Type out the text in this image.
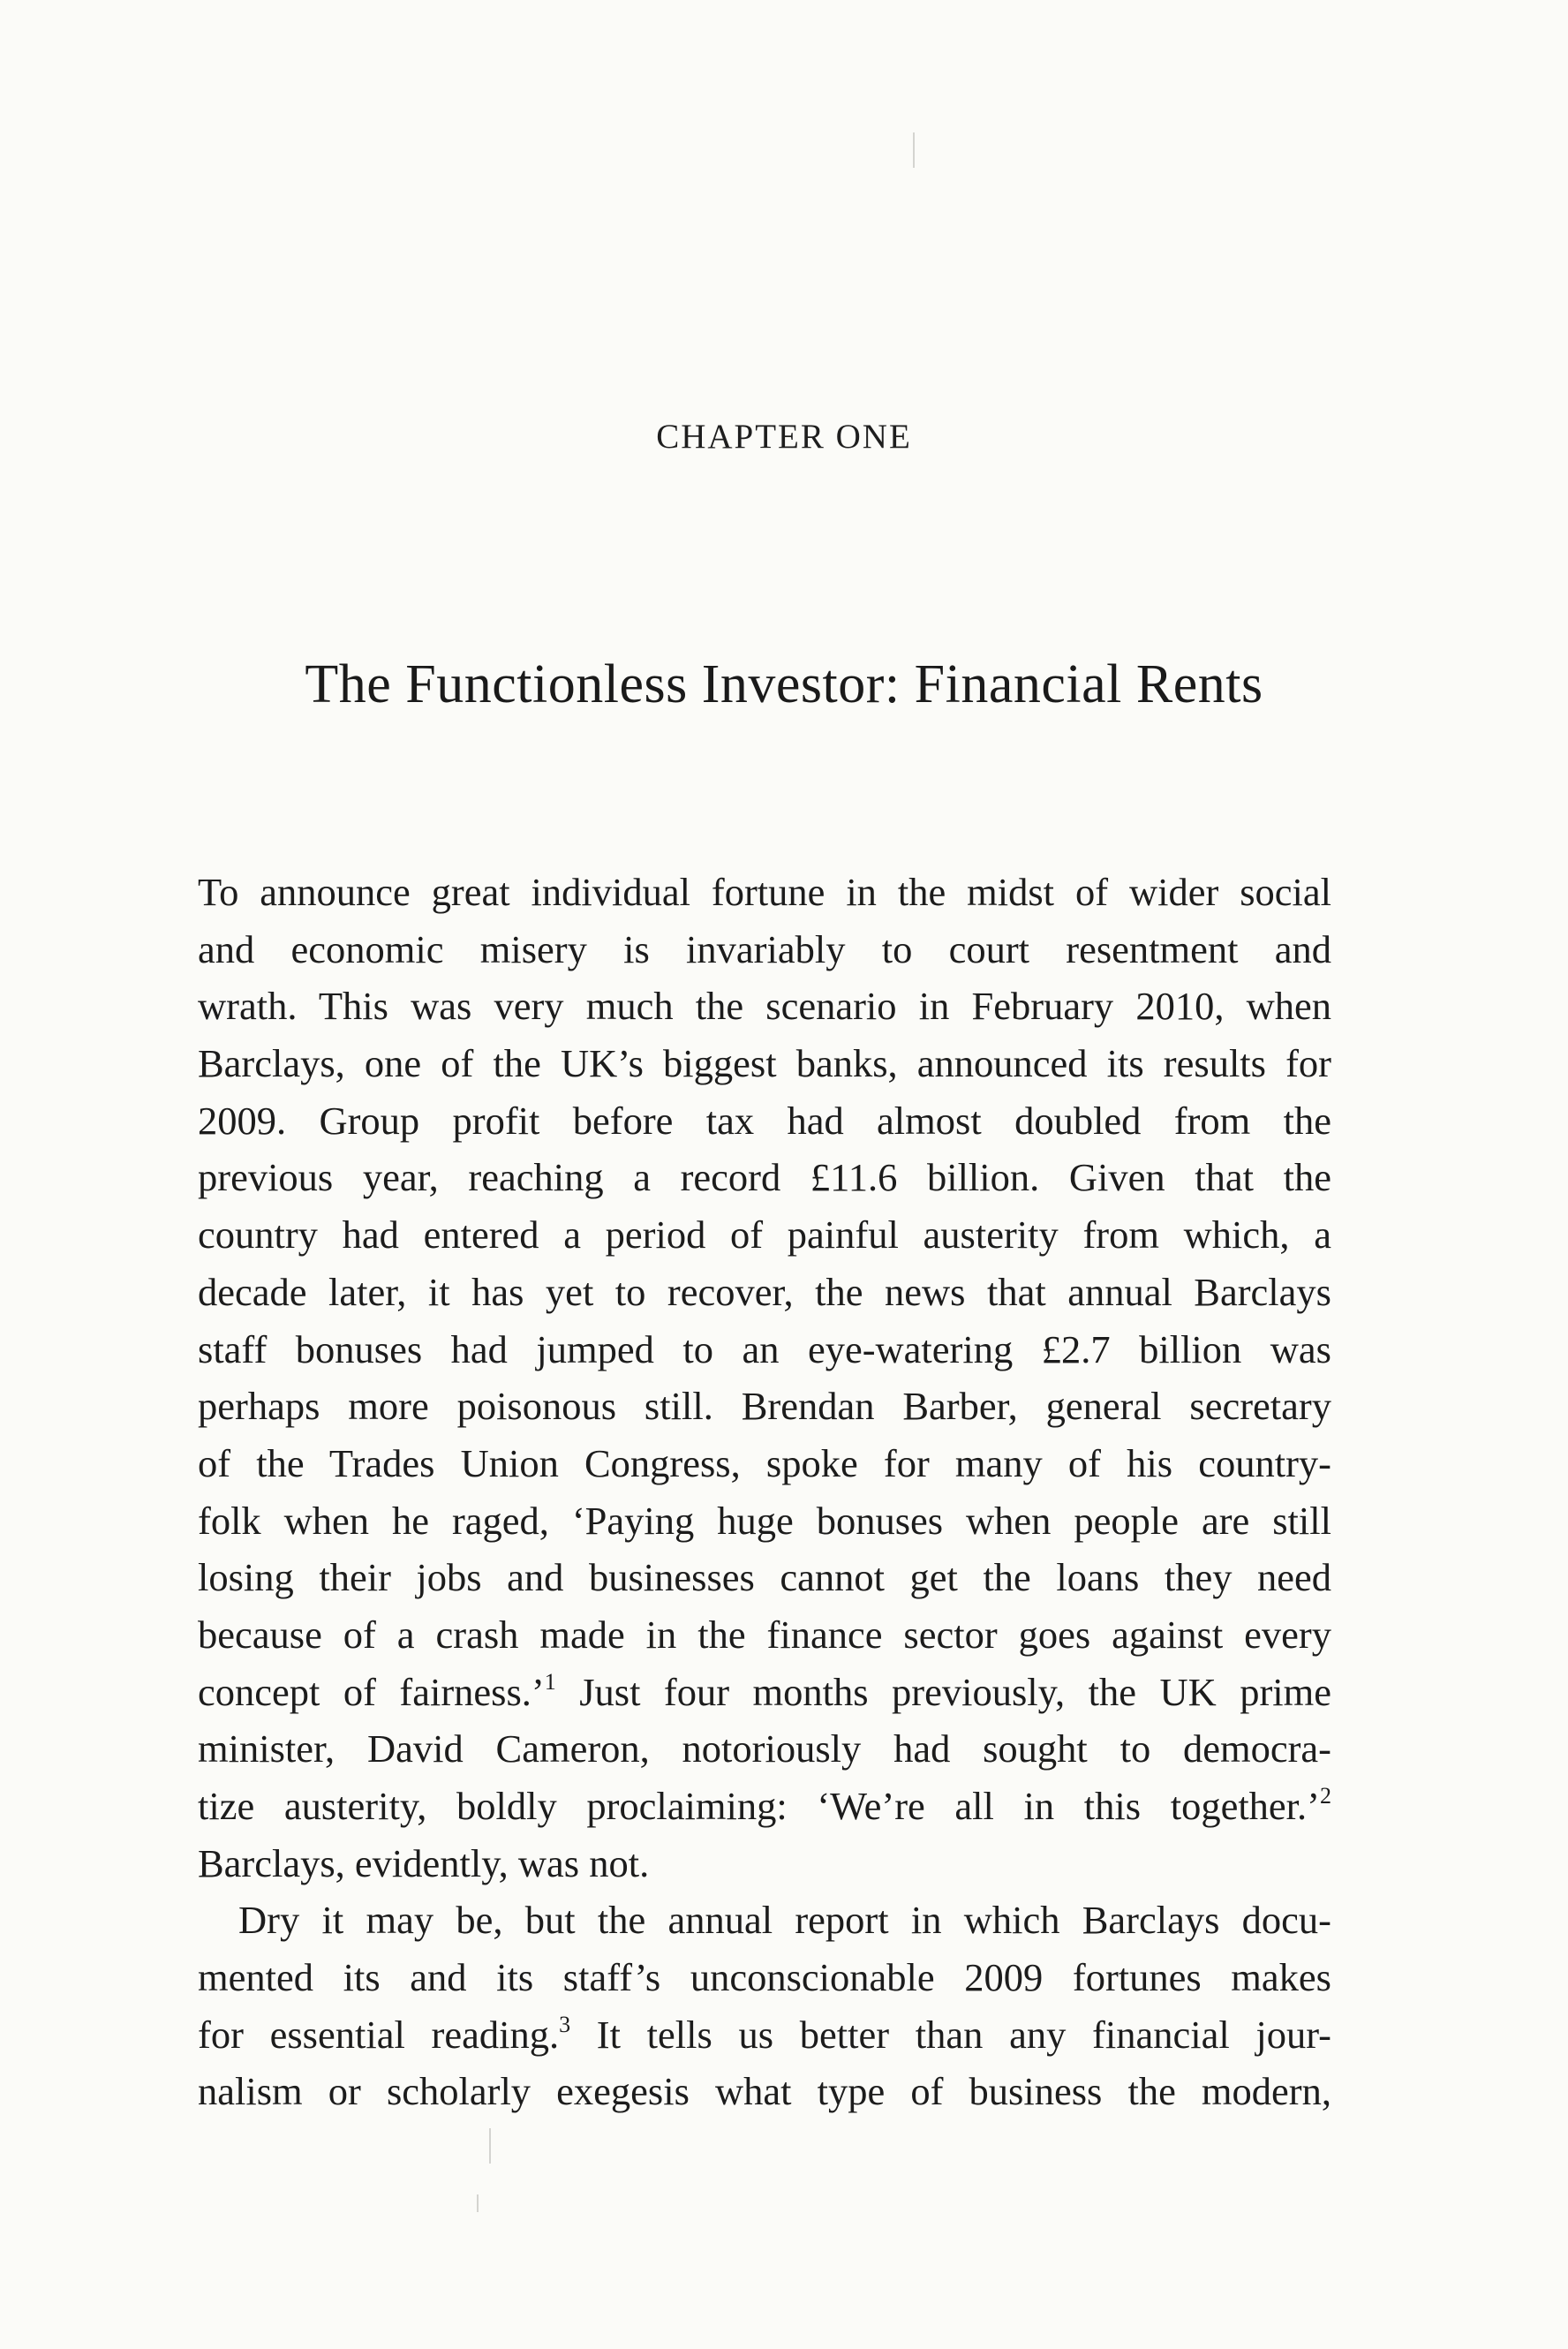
CHAPTER ONE
The Functionless Investor: Financial Rents
To announce great individual fortune in the midst of wider social
and economic misery is invariably to court resentment and
wrath. This was very much the scenario in February 2010, when
Barclays, one of the UK’s biggest banks, announced its results for
2009. Group profit before tax had almost doubled from the
previous year, reaching a record £11.6 billion. Given that the
country had entered a period of painful austerity from which, a
decade later, it has yet to recover, the news that annual Barclays
staff bonuses had jumped to an eye-watering £2.7 billion was
perhaps more poisonous still. Brendan Barber, general secretary
of the Trades Union Congress, spoke for many of his country-
folk when he raged, ‘Paying huge bonuses when people are still
losing their jobs and businesses cannot get the loans they need
because of a crash made in the finance sector goes against every
concept of fairness.’$^1$ Just four months previously, the UK prime
minister, David Cameron, notoriously had sought to democra-
tize austerity, boldly proclaiming: ‘We’re all in this together.’$^2$
Barclays, evidently, was not.
Dry it may be, but the annual report in which Barclays docu-
mented its and its staff’s unconscionable 2009 fortunes makes
for essential reading.$^3$ It tells us better than any financial jour-
nalism or scholarly exegesis what type of business the modern,
